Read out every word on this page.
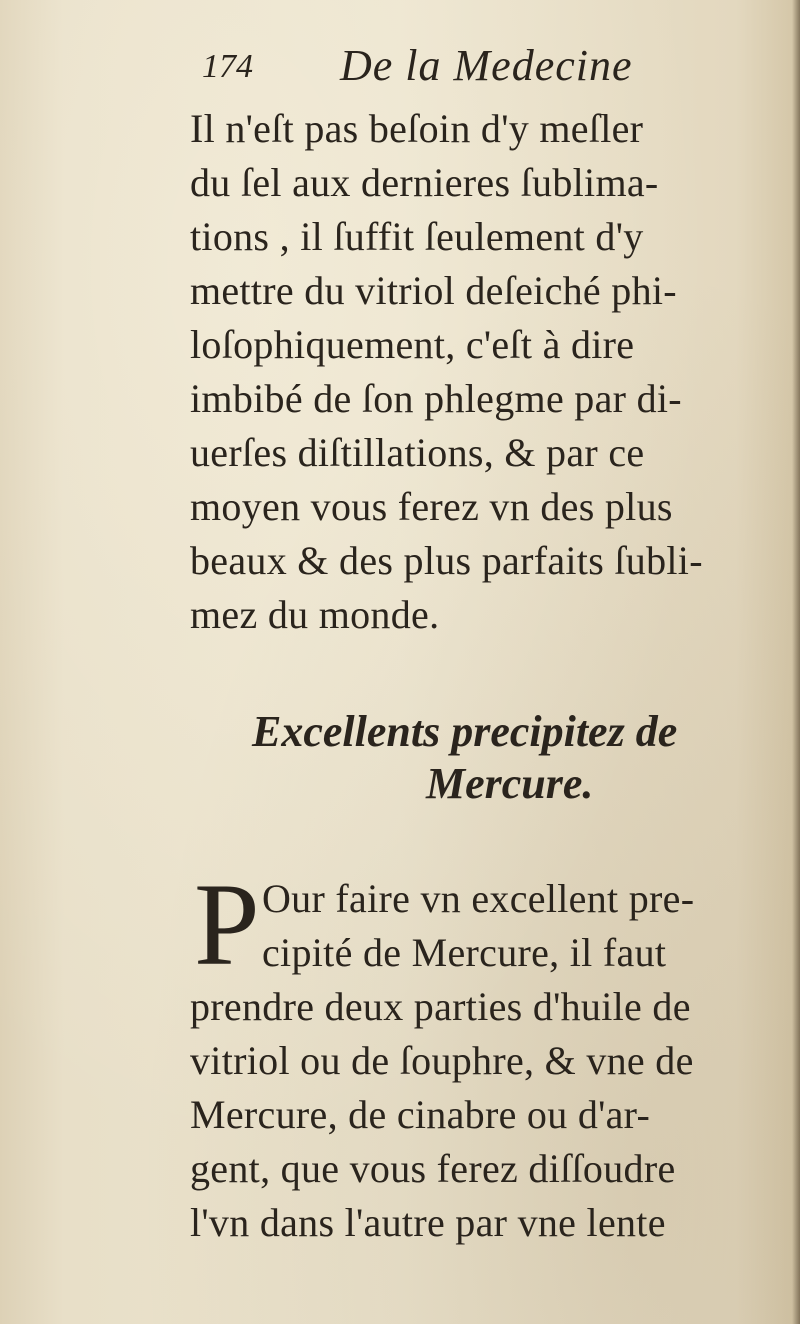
174 De la Medecine
Il n'eſt pas beſoin d'y meſler
du ſel aux dernieres ſublima-
tions , il ſuffit ſeulement d'y
mettre du vitriol deſeiché phi-
loſophiquement, c'eſt à dire
imbibé de ſon phlegme par di-
uerſes diſtillations, & par ce
moyen vous ferez vn des plus
beaux & des plus parfaits ſubli-
mez du monde.
Excellents precipitez de
Mercure.
P Our faire vn excellent pre-
cipité de Mercure, il faut
prendre deux parties d'huile de
vitriol ou de ſouphre, & vne de
Mercure, de cinabre ou d'ar-
gent, que vous ferez diſſoudre
l'vn dans l'autre par vne lente
